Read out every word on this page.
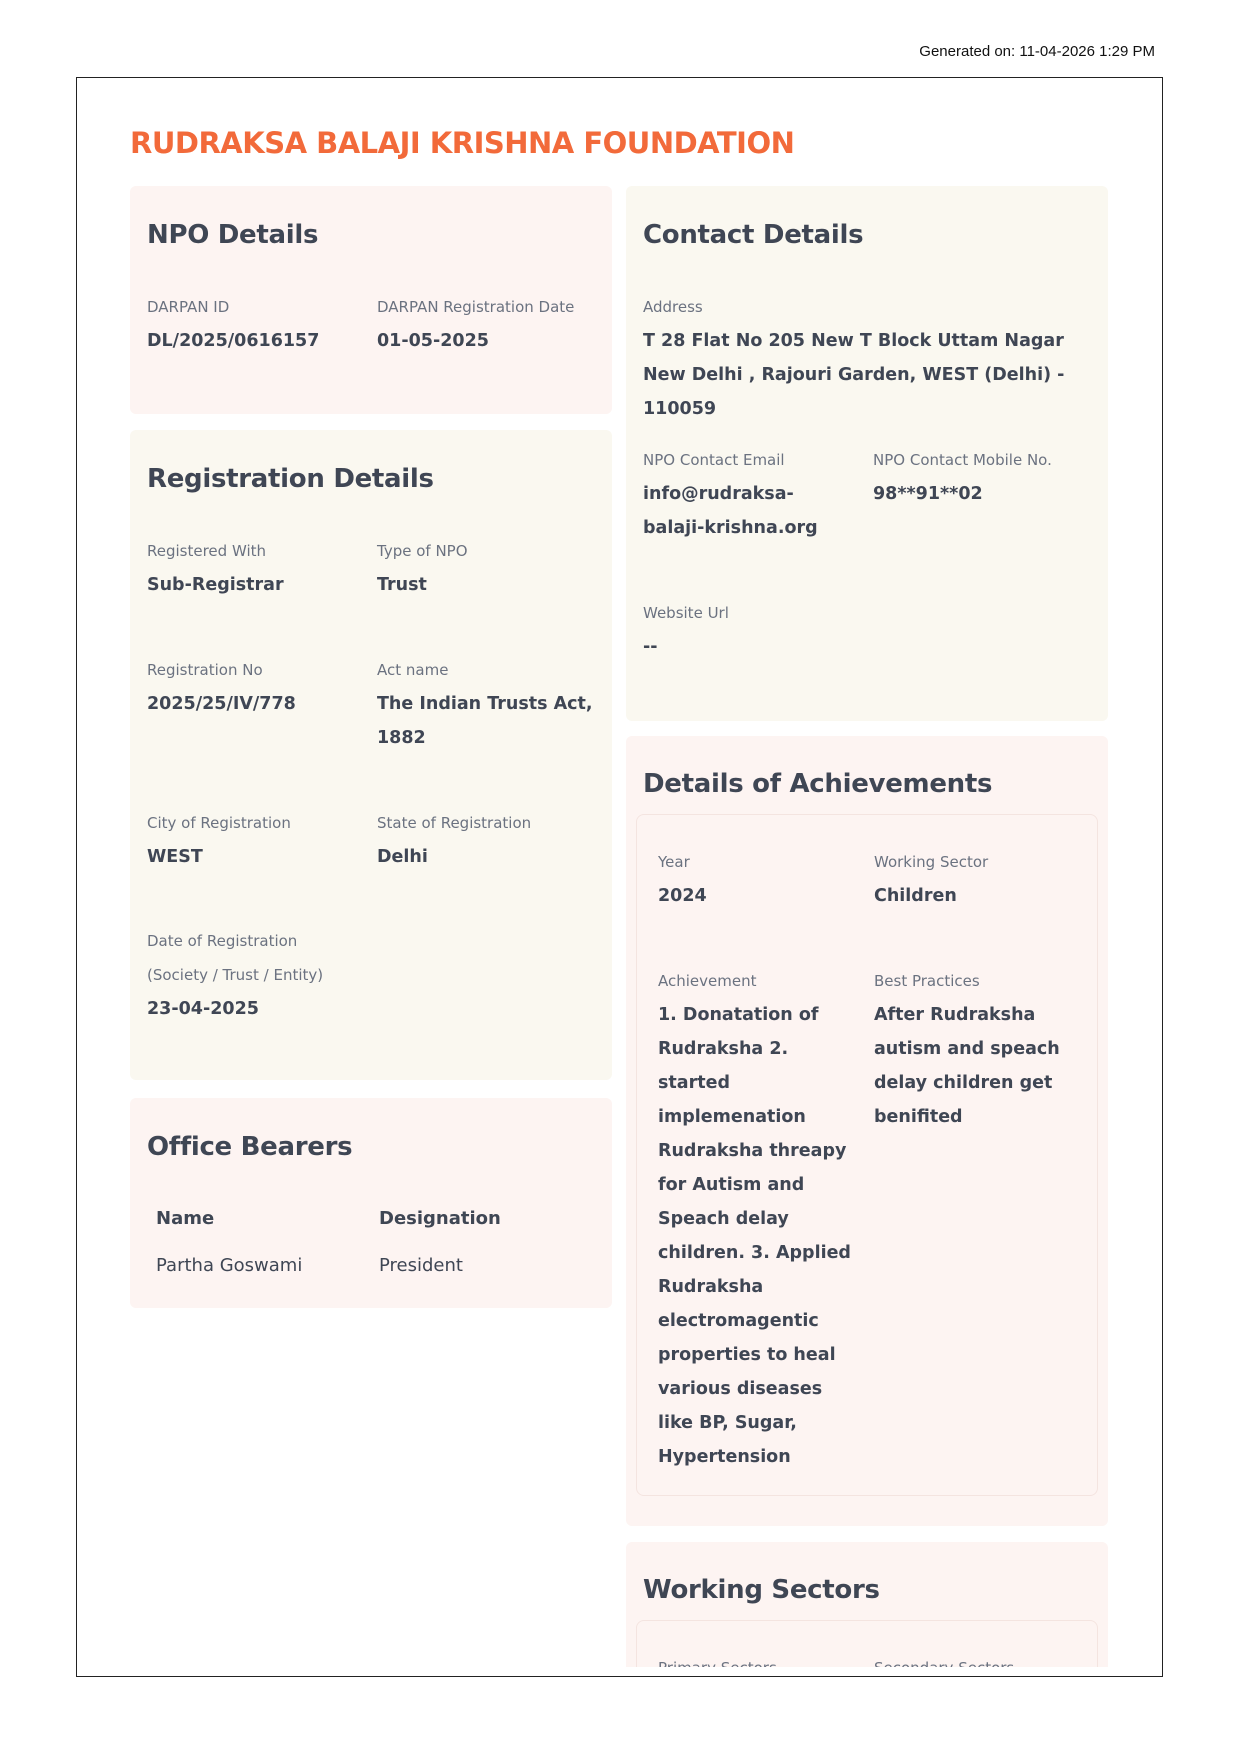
Generated on: 11-04-2026 1:29 PM
RUDRAKSA BALAJI KRISHNA FOUNDATION
NPO Details
DARPAN ID
DL/2025/0616157
DARPAN Registration Date
01-05-2025
Registration Details
Registered With
Sub-Registrar
Type of NPO
Trust
Registration No
2025/25/IV/778
Act name
The Indian Trusts Act, 1882
City of Registration
WEST
State of Registration
Delhi
Date of Registration (Society / Trust / Entity)
23-04-2025
Office Bearers
Name	Designation
Partha Goswami	President
Contact Details
Address
T 28 Flat No 205 New T Block Uttam Nagar New Delhi , Rajouri Garden, WEST (Delhi) - 110059
NPO Contact Email
info@rudraksa-balaji-krishna.org
NPO Contact Mobile No.
98**91**02
Website Url
--
Details of Achievements
Year
2024
Working Sector
Children
Achievement
1. Donatation of Rudraksha 2. started implemenation Rudraksha threapy for Autism and Speach delay children. 3. Applied Rudraksha electromagentic properties to heal various diseases like BP, Sugar, Hypertension
Best Practices
After Rudraksha autism and speach delay children get benifited
Working Sectors
